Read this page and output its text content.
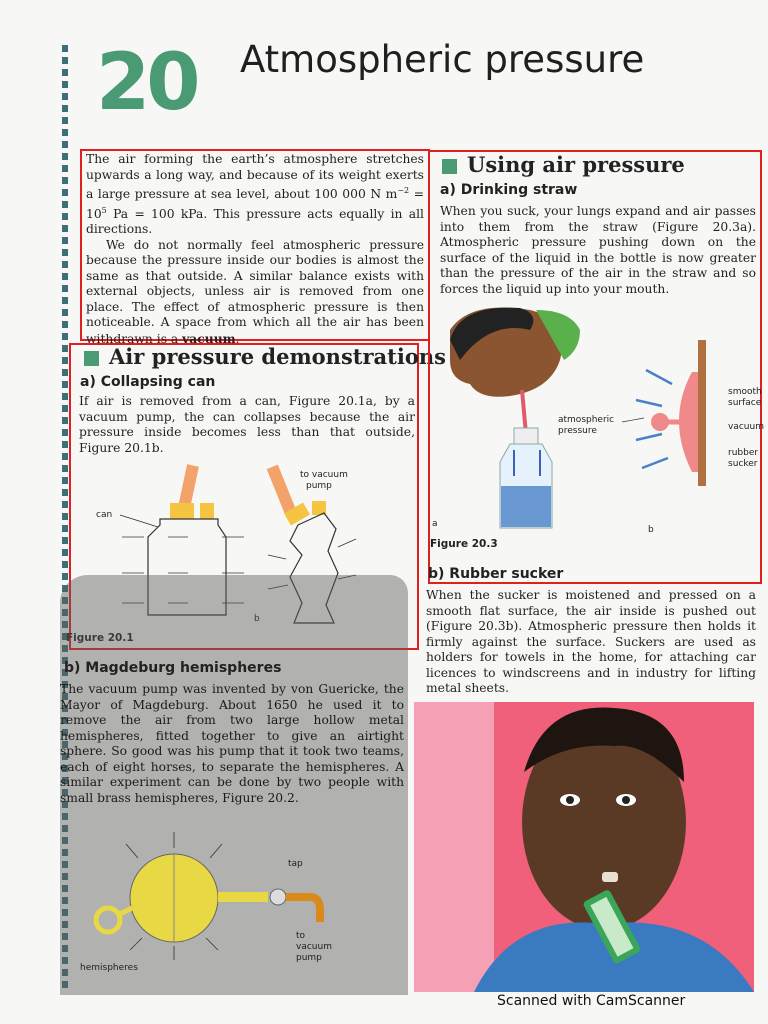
20 Atmospheric pressure

The air forming the earth’s atmosphere stretches upwards a long way, and because of its weight exerts a large pressure at sea level, about 100 000 N $m^{-2} = 10^5$ Pa = 100 kPa. This pressure acts equally in all directions.

We do not normally feel atmospheric pressure because the pressure inside our bodies is almost the same as that outside. A similar balance exists with external objects, unless air is removed from one place. The effect of atmospheric pressure is then noticeable. A space from which all the air has been withdrawn is a vacuum.

Air pressure demonstrations
a) Collapsing can
If air is removed from a can, Figure 20.1a, by a vacuum pump, the can collapses because the air pressure inside becomes less than that outside, Figure 20.1b.
can
b
to vacuum
pump
Figure 20.1
b) Magdeburg hemispheres
The vacuum pump was invented by von Guericke, the Mayor of Magdeburg. About 1650 he used it to remove the air from two large hollow metal hemispheres, fitted together to give an airtight sphere. So good was his pump that it took two teams, each of eight horses, to separate the hemispheres. A similar experiment can be done by two people with small brass hemispheres, Figure 20.2.
tap
to
vacuum
pump
hemispheres
Using air pressure
a) Drinking straw
When you suck, your lungs expand and air passes into them from the straw (Figure 20.3a). Atmospheric pressure pushing down on the surface of the liquid in the bottle is now greater than the pressure of the air in the straw and so forces the liquid up into your mouth.
atmospheric
pressure
smooth
surface
vacuum
rubber
sucker
a
b
Figure 20.3
b) Rubber sucker
When the sucker is moistened and pressed on a smooth flat surface, the air inside is pushed out (Figure 20.3b). Atmospheric pressure then holds it firmly against the surface. Suckers are used as holders for towels in the home, for attaching car licences to windscreens and in industry for lifting metal sheets.
Scanned with CamScanner
